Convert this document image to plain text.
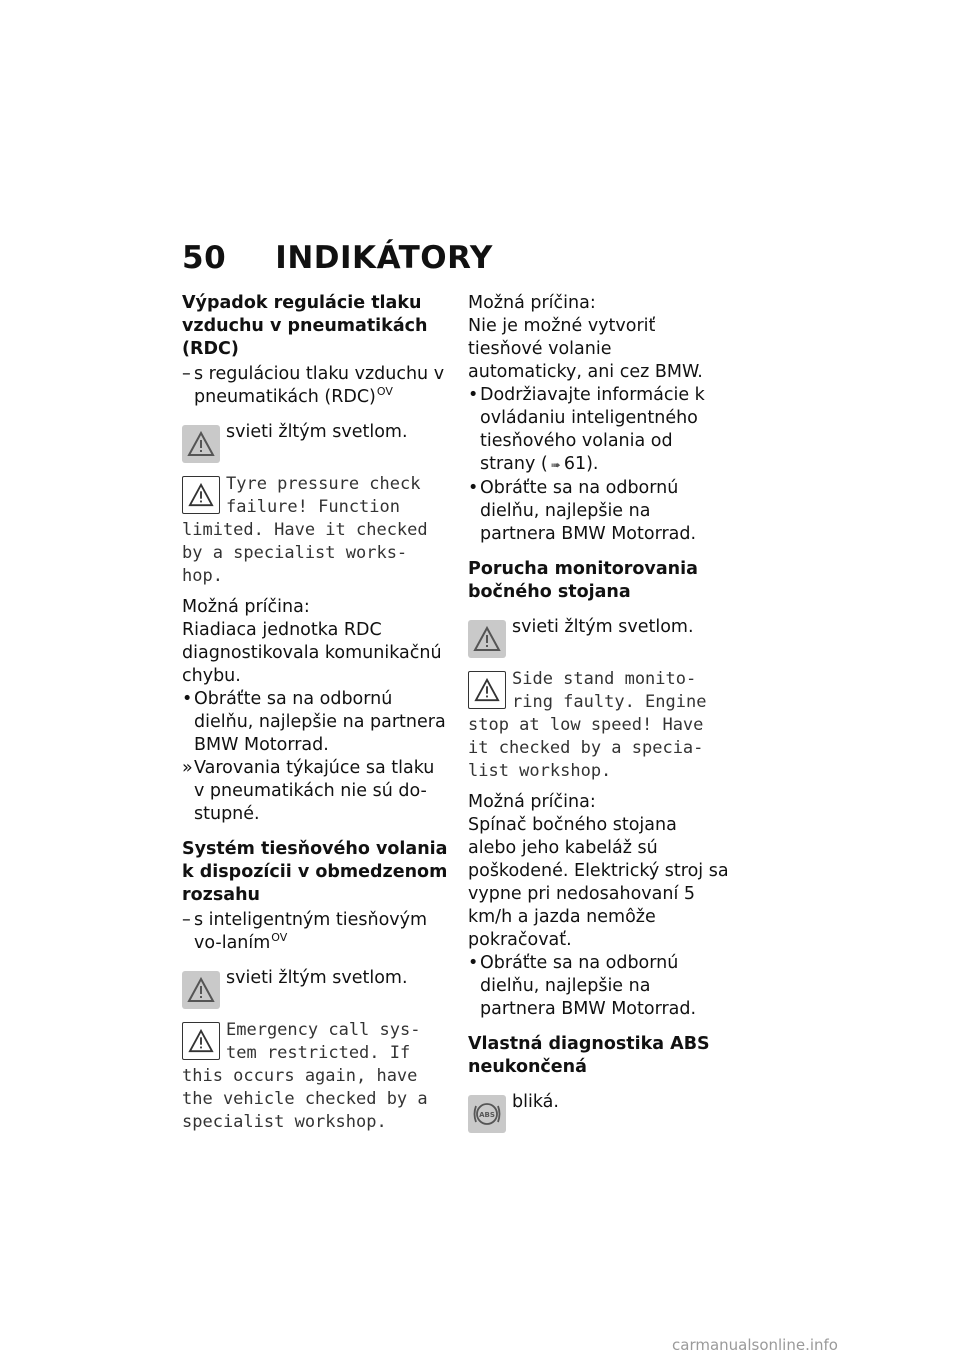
50 INDIKÁTORY

Výpadok regulácie tlaku vzduchu v pneumatikách (RDC)

– s reguláciou tlaku vzduchu v pneumatikách (RDC)$^{OV}$

svieti žltým svetlom.
Tyre pressure check
failure! Function
limited. Have it checked
by a specialist works-
hop.

Možná príčina:

Riadiaca jednotka RDC diagnostikovala komunikačnú chybu.

• Obráťte sa na odbornú dielňu, najlepšie na partnera BMW Motorrad.

» Varovania týkajúce sa tlaku v pneumatikách nie sú do-stupné.

Systém tiesňového volania k dispozícii v obmedzenom rozsahu

– s inteligentným tiesňovým vo-laním$^{OV}$

svieti žltým svetlom.
Emergency call sys-
tem restricted. If
this occurs again, have
the vehicle checked by a
specialist workshop.

Možná príčina:

Nie je možné vytvoriť tiesňové volanie automaticky, ani cez BMW.

• Dodržiavajte informácie k ovládaniu inteligentného tiesňového volania od strany ( ➠ 61).

• Obráťte sa na odbornú dielňu, najlepšie na partnera BMW Motorrad.

Porucha monitorovania bočného stojana

svieti žltým svetlom.
Side stand monito-
ring faulty. Engine
stop at low speed! Have
it checked by a specia-
list workshop.

Možná príčina:

Spínač bočného stojana alebo jeho kabeláž sú poškodené. Elektrický stroj sa vypne pri nedosahovaní 5 km/h a jazda nemôže pokračovať.

• Obráťte sa na odbornú dielňu, najlepšie na partnera BMW Motorrad.

Vlastná diagnostika ABS neukončená

ABS
bliká.
carmanualsonline.info
